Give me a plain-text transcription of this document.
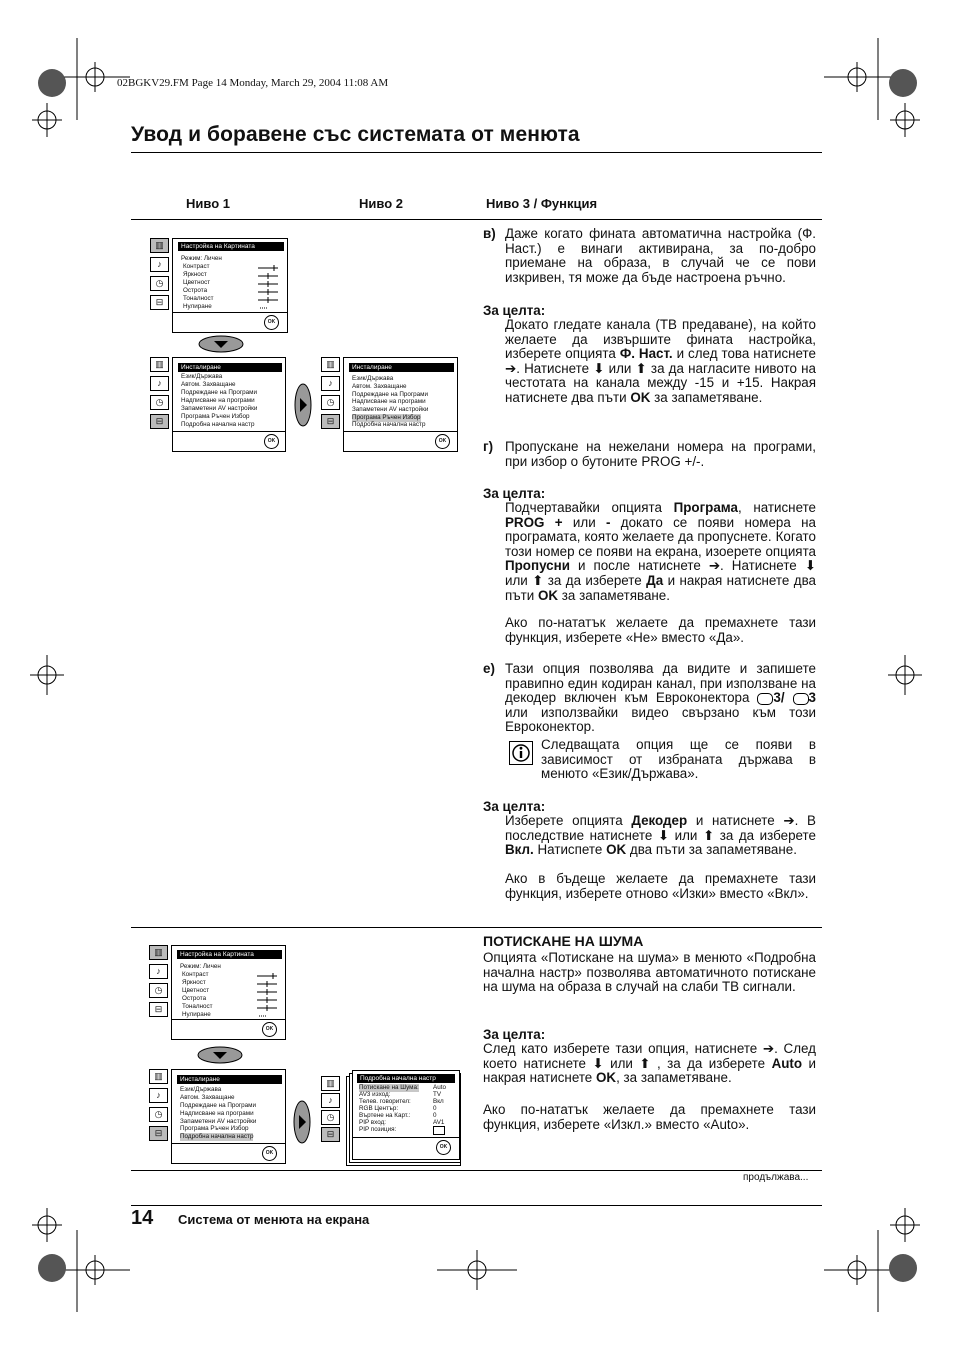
02BGKV29.FM Page 14 Monday, March 29, 2004 11:08 AM
Увод и боравене със системата от менюта
Ниво 1	Ниво 2	Ниво 3 / Функция
▥
♪
◷
⊟
Настройка на Картината
Режим: Личен
Контраст
Яркност
Цветност
Острота
Тоналност
Нулиране
OK
▥
♪
◷
⊟
Инсталиране
Език/Държава
Автом. Захващане
Подреждане на Програми
Надписване на програми
Запаметени AV настройки
Програма Ръчен Избор
Подробна начална настр
OK
▥
♪
◷
⊟
Инсталиране
Език/Държава
Автом. Захващане
Подреждане на Програми
Надписване на програми
Запаметени AV настройки
Програма Ръчен Избор
Подробна начална настр
OK
в) Даже когато фината автоматична настройка (Ф. Наст.) е винаги активирана, за по-добро приемане на образа, в случай че се пови изкривен, тя може да бъде настроена ръчно.
За целта:
Докато гледате канала (ТВ предаване), на който желаете да извършите фината настройка, изберете опцията Ф. Наст. и след това натиснете ➔. Натиснете ⬇ или ⬆ за да нагласите нивото на честотата на канала между -15 и +15. Накрая натиснете два пъти OK за запаметяване.
г) Пропускане на нежелани номера на програми, при избор о бутоните PROG +/-.
За целта:
Подчертавайки опцията Програма, натиснете PROG + или - докато се появи номера на програмата, която желаете да пропуснете. Когато този номер се появи на екрана, изоерете опцията Пропусни и после натиснете ➔. Натиснете ⬇ или ⬆ за да изберете Да и накрая натиснете два пъти OK за запаметяване.
Ако по-нататък желаете да премахнете тази функция, изберете «Не» вместо «Да».
е) Тази опция позволява да видите и запишете правипно един кодиран канал, при използване на декодер включен към Евроконектора 3/ 3 или използвайки видео свързано към този Евроконектор.
Следващата опция ще се появи в зависимост от избраната държава в менюто «Език/Държава».
За целта:
Изберете опцията Декодер и натиснете ➔. В последствие натиснете ⬇ или ⬆ за да изберете Вкл. Натиспете OK два пъти за запаметяване.
Ако в бъдеще желаете да премахнете тази функция, изберете отново «Изки» вместо «Вкл».
▥
♪
◷
⊟
Настройка на Картината
Режим: Личен
Контраст
Яркност
Цветност
Острота
Тоналност
Нулиране
OK
▥
♪
◷
⊟
Инсталиране
Език/Държава
Автом. Захващане
Подреждане на Програми
Надписване на програми
Запаметени AV настройки
Програма Ръчен Избор
Подробна начална настр
OK
▥
♪
◷
⊟
Подробна начална настр
Потискане на Шума:
AV3 изход:
Телев. говорител:
RGB Център:
Въртене на Карт.:
PIP вход:
PIP позиция:
Auto
TV
Вкл
0
0
AV1
OK
ПОТИСКАНЕ НА ШУМА
Опцията «Потискане на шума» в менюто «Подробна начална настр» позволява автоматичното потискане на шума на образа в случай на слаби ТВ сигнали.
За целта:
След като изберете тази опция, натиснете ➔. След което натиснете ⬇ или ⬆ , за да изберете Auto и накрая натиснете OK, за запаметяване.
Ако по-нататък желаете да премахнете тази функция, изберете «Изкл.» вместо «Auto».
продължава...
14 Система от менюта на екрана
